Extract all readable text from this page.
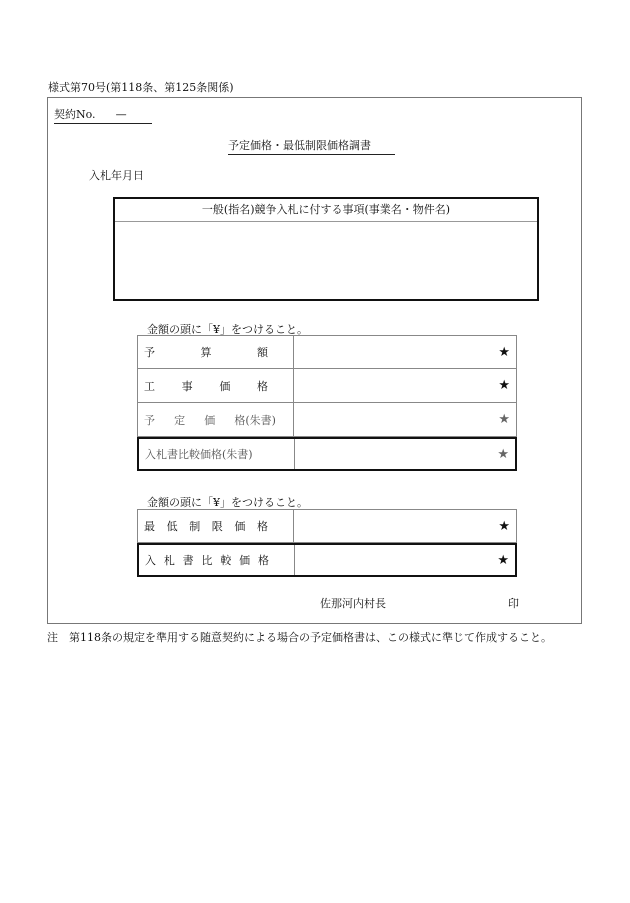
様式第70号(第118条、第125条関係)
契約No. —
予定価格・最低制限価格調書
入札年月日
一般(指名)競争入札に付する事項(事業名・物件名)
金額の頭に「¥」をつけること。
予	算	額	★
工 事 価 格	★
予 定 価 格(朱書)	★
入札書比較価格(朱書)	★
金額の頭に「¥」をつけること。
最 低 制 限 価 格	★
入 札 書 比 較 価 格	★
佐那河内村長	印
注　第118条の規定を準用する随意契約による場合の予定価格書は、この様式に準じて作成すること。
